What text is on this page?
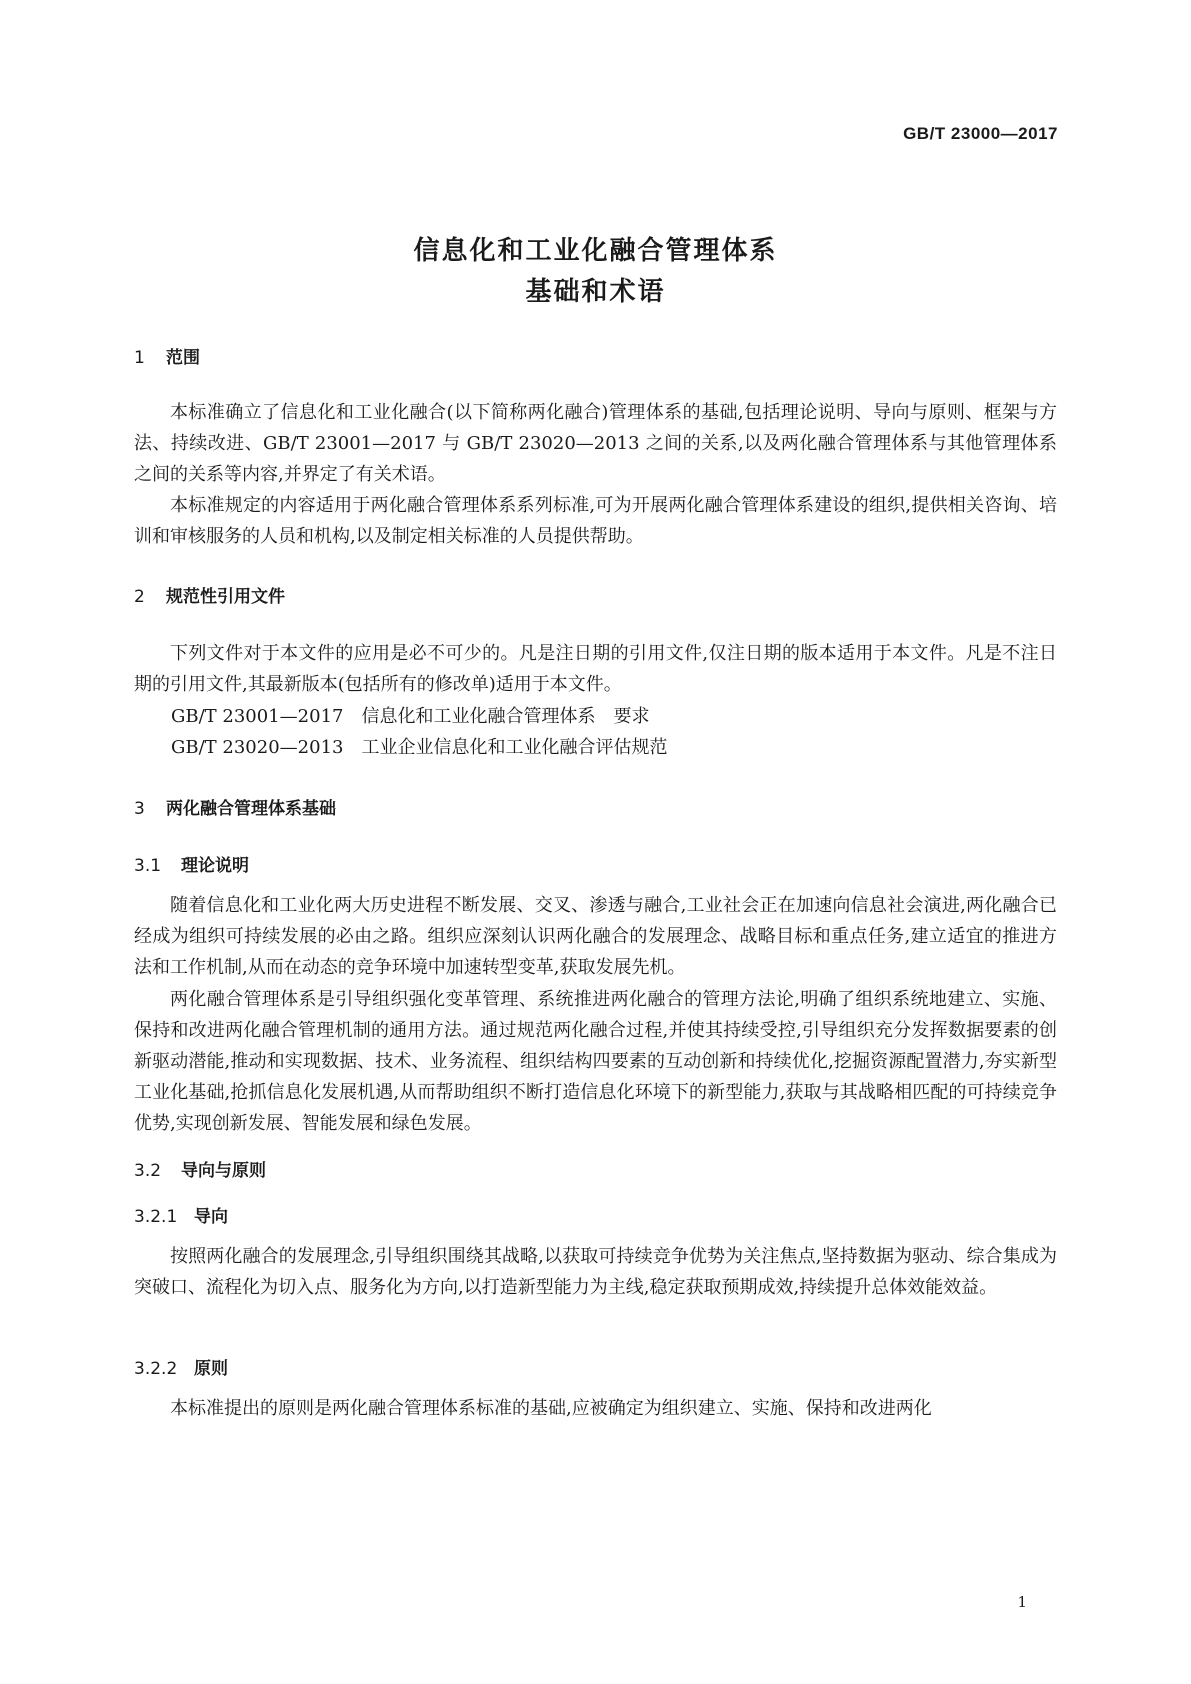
GB/T 23000—2017
信息化和工业化融合管理体系
基础和术语
1 范围
本标准确立了信息化和工业化融合(以下简称两化融合)管理体系的基础,包括理论说明、导向与原则、框架与方法、持续改进、GB/T 23001—2017 与 GB/T 23020—2013 之间的关系,以及两化融合管理体系与其他管理体系之间的关系等内容,并界定了有关术语。
本标准规定的内容适用于两化融合管理体系系列标准,可为开展两化融合管理体系建设的组织,提供相关咨询、培训和审核服务的人员和机构,以及制定相关标准的人员提供帮助。
2 规范性引用文件
下列文件对于本文件的应用是必不可少的。凡是注日期的引用文件,仅注日期的版本适用于本文件。凡是不注日期的引用文件,其最新版本(包括所有的修改单)适用于本文件。
GB/T 23001—2017　信息化和工业化融合管理体系　要求
GB/T 23020—2013　工业企业信息化和工业化融合评估规范
3 两化融合管理体系基础
3.1 理论说明
随着信息化和工业化两大历史进程不断发展、交叉、渗透与融合,工业社会正在加速向信息社会演进,两化融合已经成为组织可持续发展的必由之路。组织应深刻认识两化融合的发展理念、战略目标和重点任务,建立适宜的推进方法和工作机制,从而在动态的竞争环境中加速转型变革,获取发展先机。
两化融合管理体系是引导组织强化变革管理、系统推进两化融合的管理方法论,明确了组织系统地建立、实施、保持和改进两化融合管理机制的通用方法。通过规范两化融合过程,并使其持续受控,引导组织充分发挥数据要素的创新驱动潜能,推动和实现数据、技术、业务流程、组织结构四要素的互动创新和持续优化,挖掘资源配置潜力,夯实新型工业化基础,抢抓信息化发展机遇,从而帮助组织不断打造信息化环境下的新型能力,获取与其战略相匹配的可持续竞争优势,实现创新发展、智能发展和绿色发展。
3.2 导向与原则
3.2.1 导向
按照两化融合的发展理念,引导组织围绕其战略,以获取可持续竞争优势为关注焦点,坚持数据为驱动、综合集成为突破口、流程化为切入点、服务化为方向,以打造新型能力为主线,稳定获取预期成效,持续提升总体效能效益。
3.2.2 原则
本标准提出的原则是两化融合管理体系标准的基础,应被确定为组织建立、实施、保持和改进两化
1
